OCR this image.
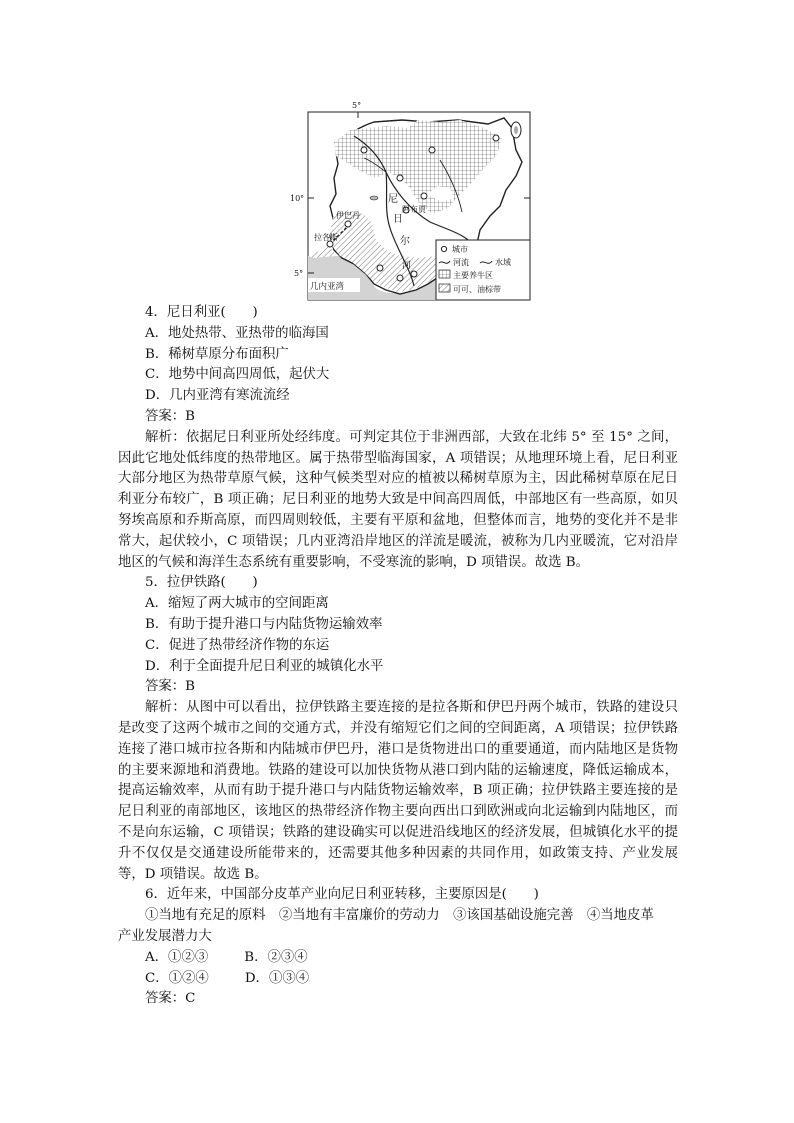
5°
10°
5°
尼
日
尔
河
伊巴丹
阿布贾
拉各斯
几内亚湾
城市
河流	水域
主要养牛区
可可、油棕带

4．尼日利亚(　　)

A．地处热带、亚热带的临海国

B．稀树草原分布面积广

C．地势中间高四周低，起伏大

D．几内亚湾有寒流流经

答案：B

解析：依据尼日利亚所处经纬度。可判定其位于非洲西部，大致在北纬 5° 至 15° 之间，因此它地处低纬度的热带地区。属于热带型临海国家，A 项错误；从地理环境上看，尼日利亚大部分地区为热带草原气候，这种气候类型对应的植被以稀树草原为主，因此稀树草原在尼日利亚分布较广，B 项正确；尼日利亚的地势大致是中间高四周低，中部地区有一些高原，如贝努埃高原和乔斯高原，而四周则较低，主要有平原和盆地，但整体而言，地势的变化并不是非常大，起伏较小，C 项错误；几内亚湾沿岸地区的洋流是暖流，被称为几内亚暖流，它对沿岸地区的气候和海洋生态系统有重要影响，不受寒流的影响，D 项错误。故选 B。

5．拉伊铁路(　　)

A．缩短了两大城市的空间距离

B．有助于提升港口与内陆货物运输效率

C．促进了热带经济作物的东运

D．利于全面提升尼日利亚的城镇化水平

答案：B

解析：从图中可以看出，拉伊铁路主要连接的是拉各斯和伊巴丹两个城市，铁路的建设只是改变了这两个城市之间的交通方式，并没有缩短它们之间的空间距离，A 项错误；拉伊铁路连接了港口城市拉各斯和内陆城市伊巴丹，港口是货物进出口的重要通道，而内陆地区是货物的主要来源地和消费地。铁路的建设可以加快货物从港口到内陆的运输速度，降低运输成本，提高运输效率，从而有助于提升港口与内陆货物运输效率，B 项正确；拉伊铁路主要连接的是尼日利亚的南部地区，该地区的热带经济作物主要向西出口到欧洲或向北运输到内陆地区，而不是向东运输，C 项错误；铁路的建设确实可以促进沿线地区的经济发展，但城镇化水平的提升不仅仅是交通建设所能带来的，还需要其他多种因素的共同作用，如政策支持、产业发展等，D 项错误。故选 B。

6．近年来，中国部分皮革产业向尼日利亚转移，主要原因是(　　)

①当地有充足的原料　②当地有丰富廉价的劳动力　③该国基础设施完善　④当地皮革

产业发展潜力大

A．①②③	B．②③④

C．①②④	D．①③④

答案：C
